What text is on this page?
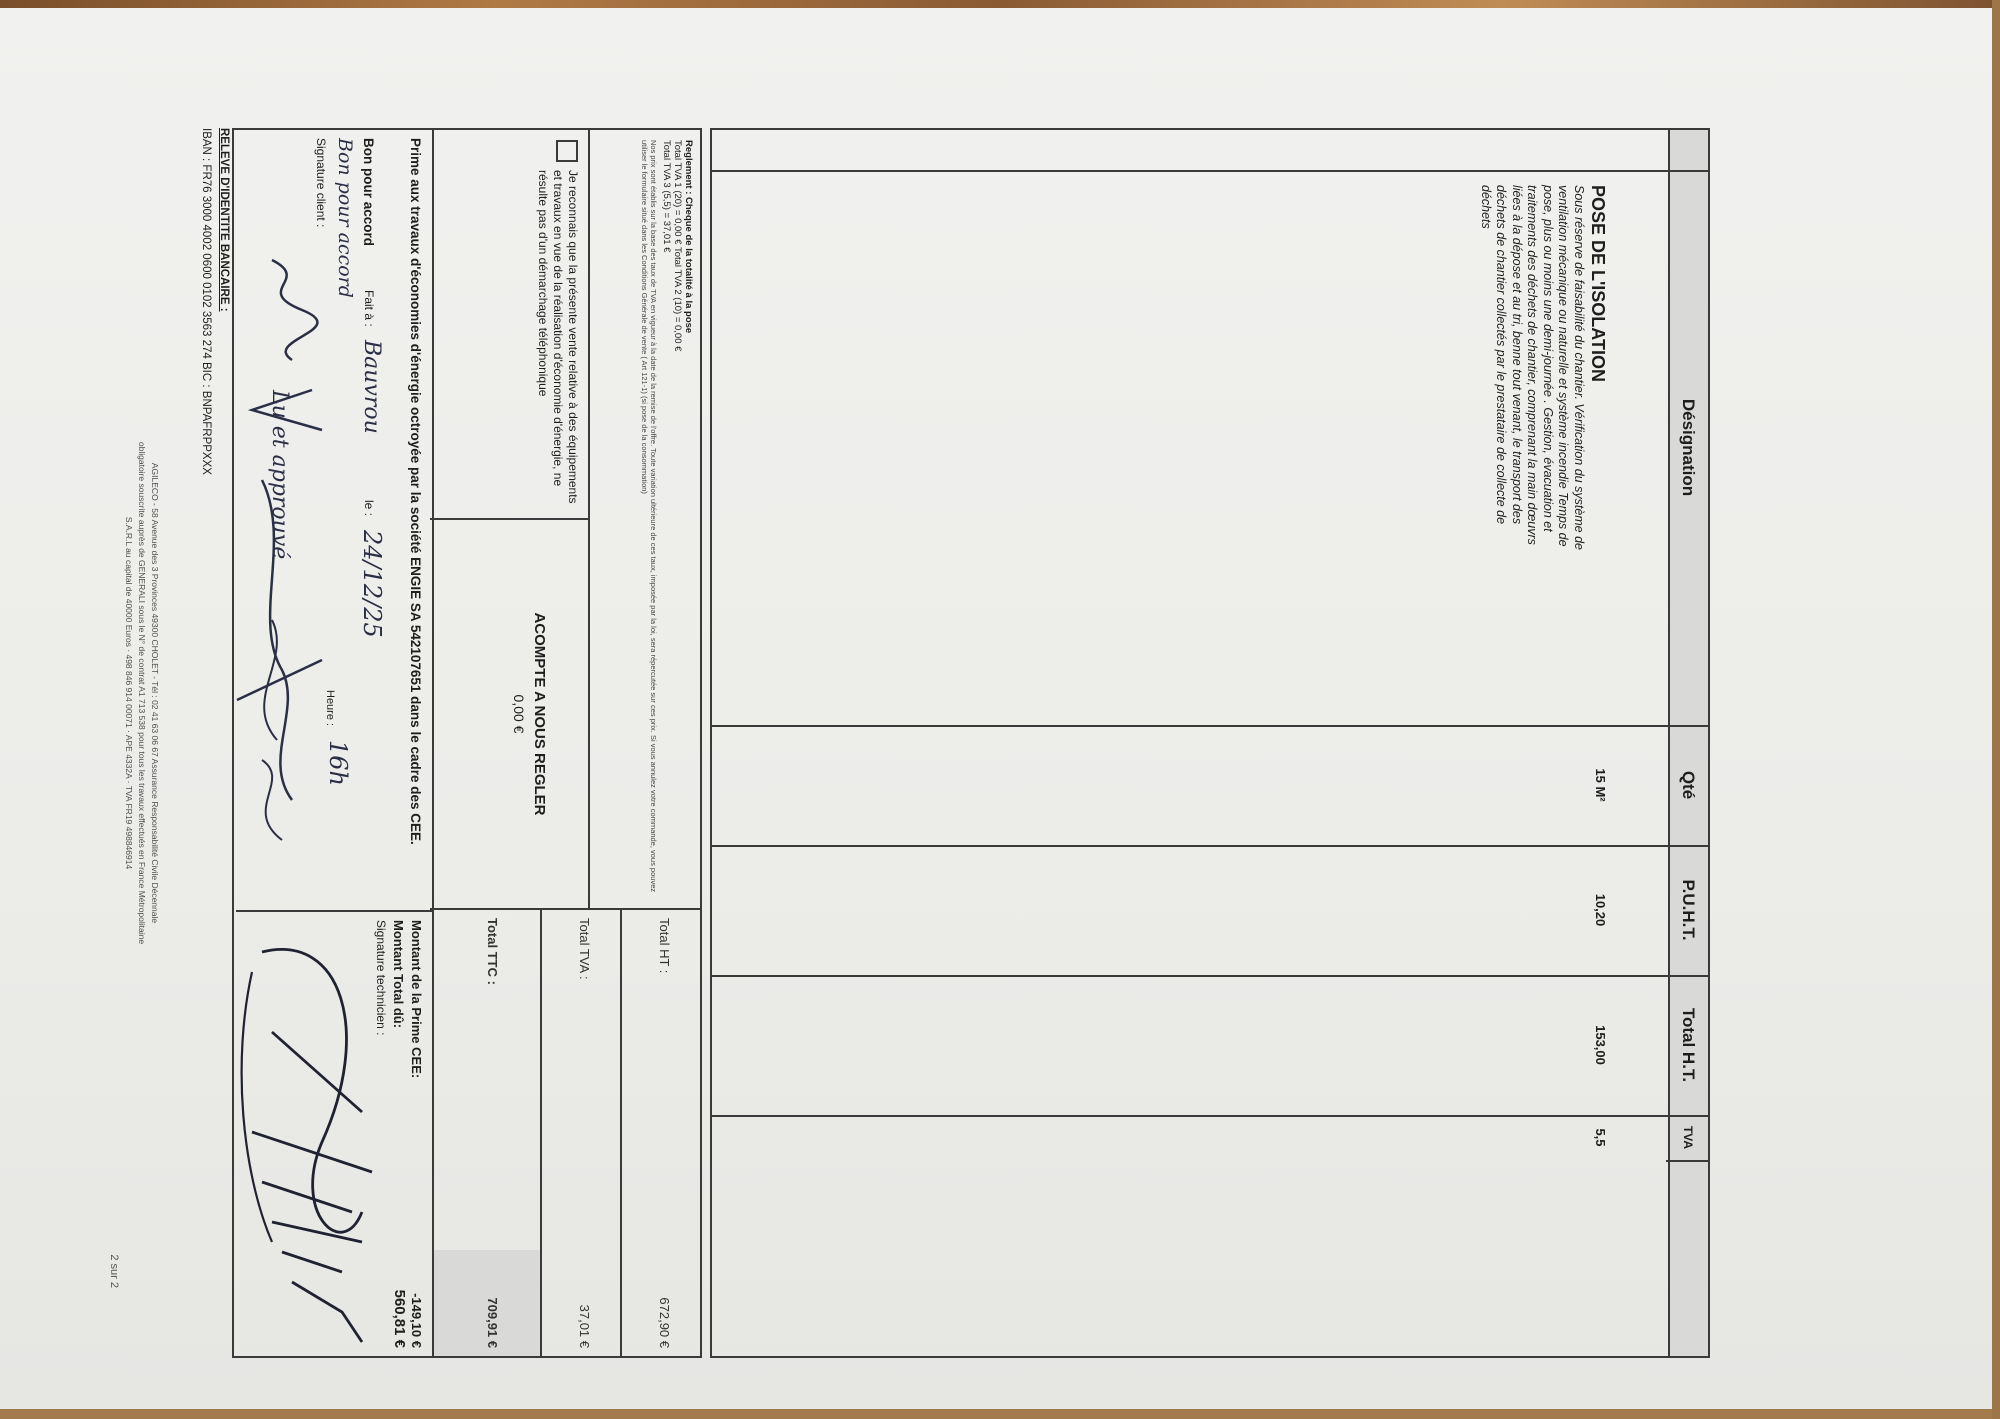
Désignation
Qté
P.U.H.T.
Total H.T.
TVA
POSE DE L'ISOLATION
Sous réserve de faisabilité du chantier. Vérification du système de ventilation mécanique ou naturelle et système incendie Temps de pose, plus ou moins une demi-journée . Gestion, évacuation et traitements des déchets de chantier, comprenant la main dœuvrs liées à la dépose et au tri, benne tout venant, le transport des déchets de chantier collectés par le prestataire de collecte de déchets
15 M²
10,20
153,00
5,5
Reglement : Cheque de la totalité à la pose
Total TVA 1 (20) = 0,00 € Total TVA 2 (10) = 0,00 €
Total TVA 3 (5,5) = 37,01 €
Nos prix sont établis sur la base des taux de TVA en vigueur à la date de la remise de l'offre. Toute variation ultérieure de ces taux, imposée par la loi, sera répercutée sur ces prix. Si vous annulez votre commande, vous pouvez utiliser le formulaire situé dans les Conditions Générale de vente ( Art 121-1) (si pose de la consommation)
Je reconnais que la présente vente relative à des équipements et travaux en vue de la réalisation d'économie d'énergie, ne résulte pas d'un démarchage téléphonique
ACOMPTE A NOUS REGLER
0,00 €
Total HT :
672,90 €
Total TVA :
37,01 €
Total TTC :
709,91 €
Prime aux travaux d'économies d'énergie octroyée par la société ENGIE SA 542107651 dans le cadre des CEE.
Bon pour accord
Fait à :
Bauvrou
le :
24/12/25
Bon pour accord
Heure :
16h
Signature client :
Lu et approuvé
Montant de la Prime CEE:
-149,10 €
Montant Total dû:
560,81 €
Signature technicien :
RELEVE D'IDENTITE BANCAIRE :
IBAN : FR76 3000 4002 0600 0102 3563 274 BIC : BNPAFRPPXXX
AGILECO - 58 Avenue des 3 Provinces 49300 CHOLET - Tél : 02 41 63 06 67 Assurance Responsabilité Civile Décennale
obligatoire souscrite auprès de GENERALI sous le N° de contrat A1 713 538 pour tous les travaux effectués en France Métropolitaine
S.A.R.L au capital de 40000 Euros · 498 846 914 00071 · APE 4332A · TVA FR19 498846914
2 sur 2
